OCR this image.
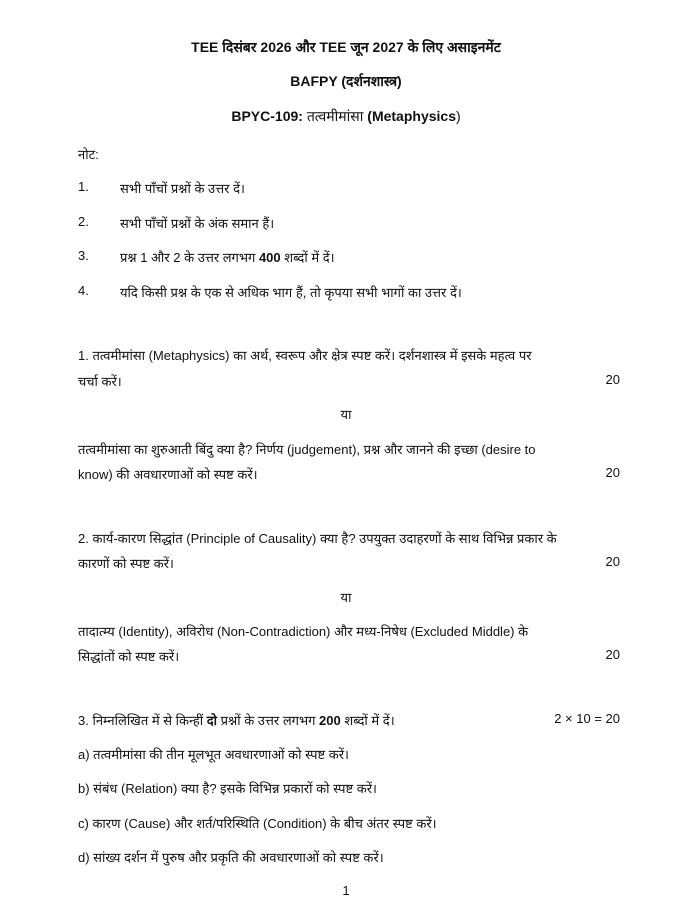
TEE दिसंबर 2026 और TEE जून 2027 के लिए असाइनमेंट
BAFPY (दर्शनशास्त्र)
BPYC-109: तत्वमीमांसा (Metaphysics)
नोट:
1. सभी पाँचों प्रश्नों के उत्तर दें।
2. सभी पाँचों प्रश्नों के अंक समान हैं।
3. प्रश्न 1 और 2 के उत्तर लगभग 400 शब्दों में दें।
4. यदि किसी प्रश्न के एक से अधिक भाग हैं, तो कृपया सभी भागों का उत्तर दें।
1. तत्वमीमांसा (Metaphysics) का अर्थ, स्वरूप और क्षेत्र स्पष्ट करें। दर्शनशास्त्र में इसके महत्व पर
चर्चा करें।	20
या
तत्वमीमांसा का शुरुआती बिंदु क्या है? निर्णय (judgement), प्रश्न और जानने की इच्छा (desire to
know) की अवधारणाओं को स्पष्ट करें।	20
2. कार्य-कारण सिद्धांत (Principle of Causality) क्या है? उपयुक्त उदाहरणों के साथ विभिन्न प्रकार के
कारणों को स्पष्ट करें।	20
या
तादात्म्य (Identity), अविरोध (Non-Contradiction) और मध्य-निषेध (Excluded Middle) के
सिद्धांतों को स्पष्ट करें।	20
3. निम्नलिखित में से किन्हीं दो प्रश्नों के उत्तर लगभग 200 शब्दों में दें।	2 × 10 = 20
a) तत्वमीमांसा की तीन मूलभूत अवधारणाओं को स्पष्ट करें।
b) संबंध (Relation) क्या है? इसके विभिन्न प्रकारों को स्पष्ट करें।
c) कारण (Cause) और शर्त/परिस्थिति (Condition) के बीच अंतर स्पष्ट करें।
d) सांख्य दर्शन में पुरुष और प्रकृति की अवधारणाओं को स्पष्ट करें।
1
